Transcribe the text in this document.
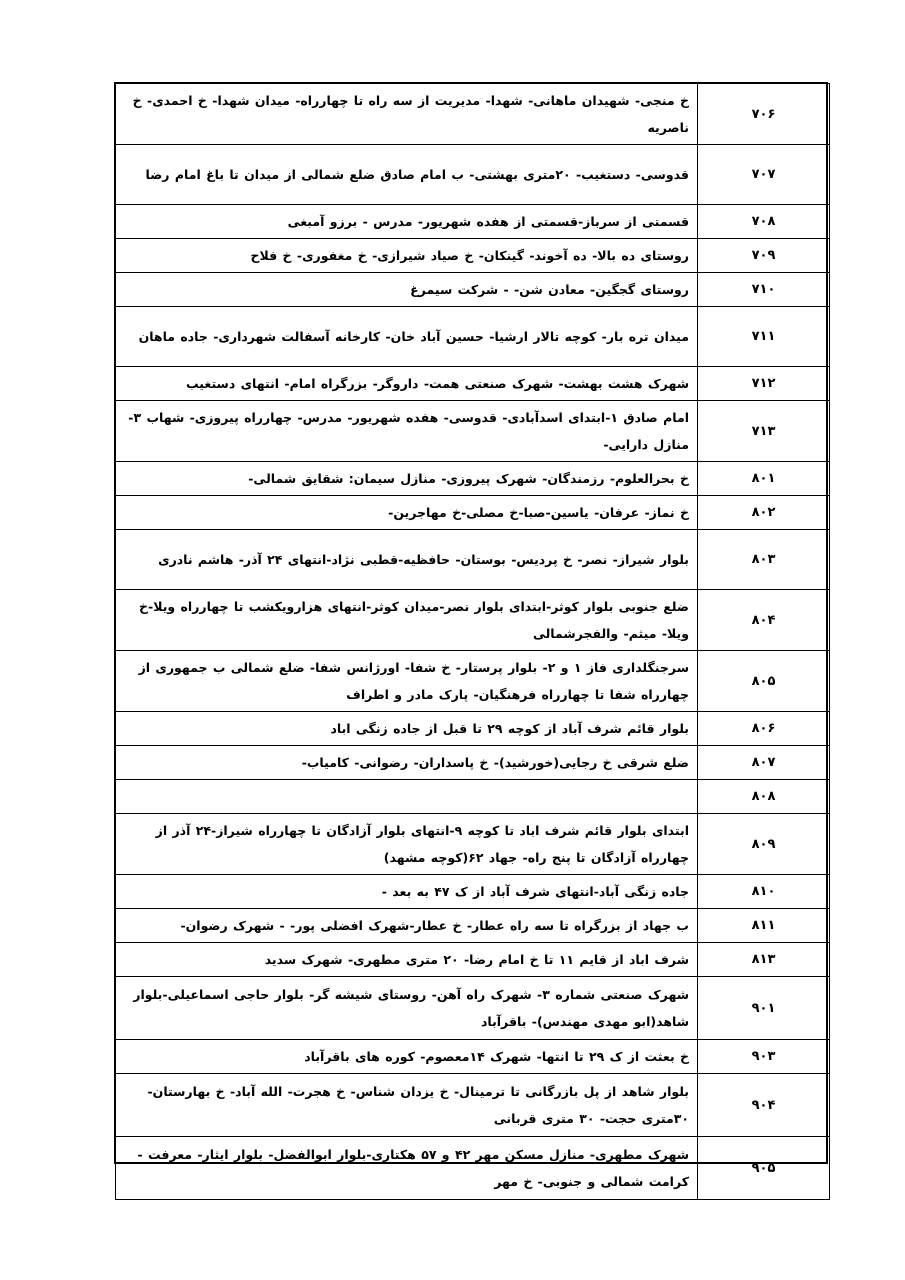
۷۰۶	خ منجی- شهیدان ماهانی- شهدا- مدیریت از سه راه تا چهارراه- میدان شهدا- خ احمدی- خ ناصریه
۷۰۷	قدوسی- دستغیب- ۲۰متری بهشتی- ب امام صادق ضلع شمالی از میدان تا باغ امام رضا
۷۰۸	قسمتی از سرباز-قسمتی از هفده شهریور- مدرس - برزو آمبغی
۷۰۹	روستای ده بالا- ده آخوند- گینکان- خ صیاد شیرازی- خ مغفوری- خ فلاح
۷۱۰	روستای گجگین- معادن شن- - شرکت سیمرغ
۷۱۱	میدان تره بار- کوچه تالار ارشیا- حسین آباد خان- کارخانه آسفالت شهرداری- جاده ماهان
۷۱۲	شهرک هشت بهشت- شهرک صنعتی همت- داروگر- بزرگراه امام- انتهای دستغیب
۷۱۳	امام صادق ۱-ابتدای اسدآبادی- قدوسی- هفده شهریور- مدرس- چهارراه پیروزی- شهاب ۳- منازل دارایی-
۸۰۱	خ بحرالعلوم- رزمندگان- شهرک پیروزی- منازل سیمان: شقایق شمالی-
۸۰۲	خ نماز- عرفان- یاسین-صبا-خ مصلی-خ مهاجرین-
۸۰۳	بلوار شیراز- نصر- خ پردیس- بوستان- حافظیه-قطبی نژاد-انتهای ۲۴ آذر- هاشم نادری
۸۰۴	ضلع جنوبی بلوار کوثر-ابتدای بلوار نصر-میدان کوثر-انتهای هزارویکشب تا چهارراه ویلا-خ ویلا- میثم- والفجرشمالی
۸۰۵	سرجنگلداری فاز ۱ و ۲- بلوار پرستار- خ شفا- اورژانس شفا- ضلع شمالی ب جمهوری از چهارراه شفا تا چهارراه فرهنگیان- پارک مادر و اطراف
۸۰۶	بلوار قائم شرف آباد از کوچه ۲۹ تا قبل از جاده زنگی اباد
۸۰۷	ضلع شرقی خ رجایی(خورشید)- خ پاسداران- رضوانی- کامیاب-
۸۰۸	
۸۰۹	ابتدای بلوار قائم شرف اباد تا کوچه ۹-انتهای بلوار آزادگان تا چهارراه شیراز-۲۴ آذر از چهارراه آزادگان تا پنج راه- جهاد ۶۲(کوچه مشهد)
۸۱۰	جاده زنگی آباد-انتهای شرف آباد از ک ۴۷ به بعد -
۸۱۱	ب جهاد از بزرگراه تا سه راه عطار- خ عطار-شهرک افضلی پور- - شهرک رضوان-
۸۱۳	شرف اباد از قایم ۱۱ تا خ امام رضا- ۲۰ متری مطهری- شهرک سدید
۹۰۱	شهرک صنعتی شماره ۳- شهرک راه آهن- روستای شیشه گر- بلوار حاجی اسماعیلی-بلوار شاهد(ابو مهدی مهندس)- باقرآباد
۹۰۳	خ بعثت از ک ۲۹ تا انتها- شهرک ۱۴معصوم- کوره های باقرآباد
۹۰۴	بلوار شاهد از پل بازرگانی تا ترمینال- خ یزدان شناس- خ هجرت- الله آباد- خ بهارستان- ۳۰متری حجت- ۳۰ متری قربانی
۹۰۵	شهرک مطهری- منازل مسکن مهر ۴۲ و ۵۷ هکتاری-بلوار ابوالفضل- بلوار ایثار- معرفت - کرامت شمالی و جنوبی- خ مهر
